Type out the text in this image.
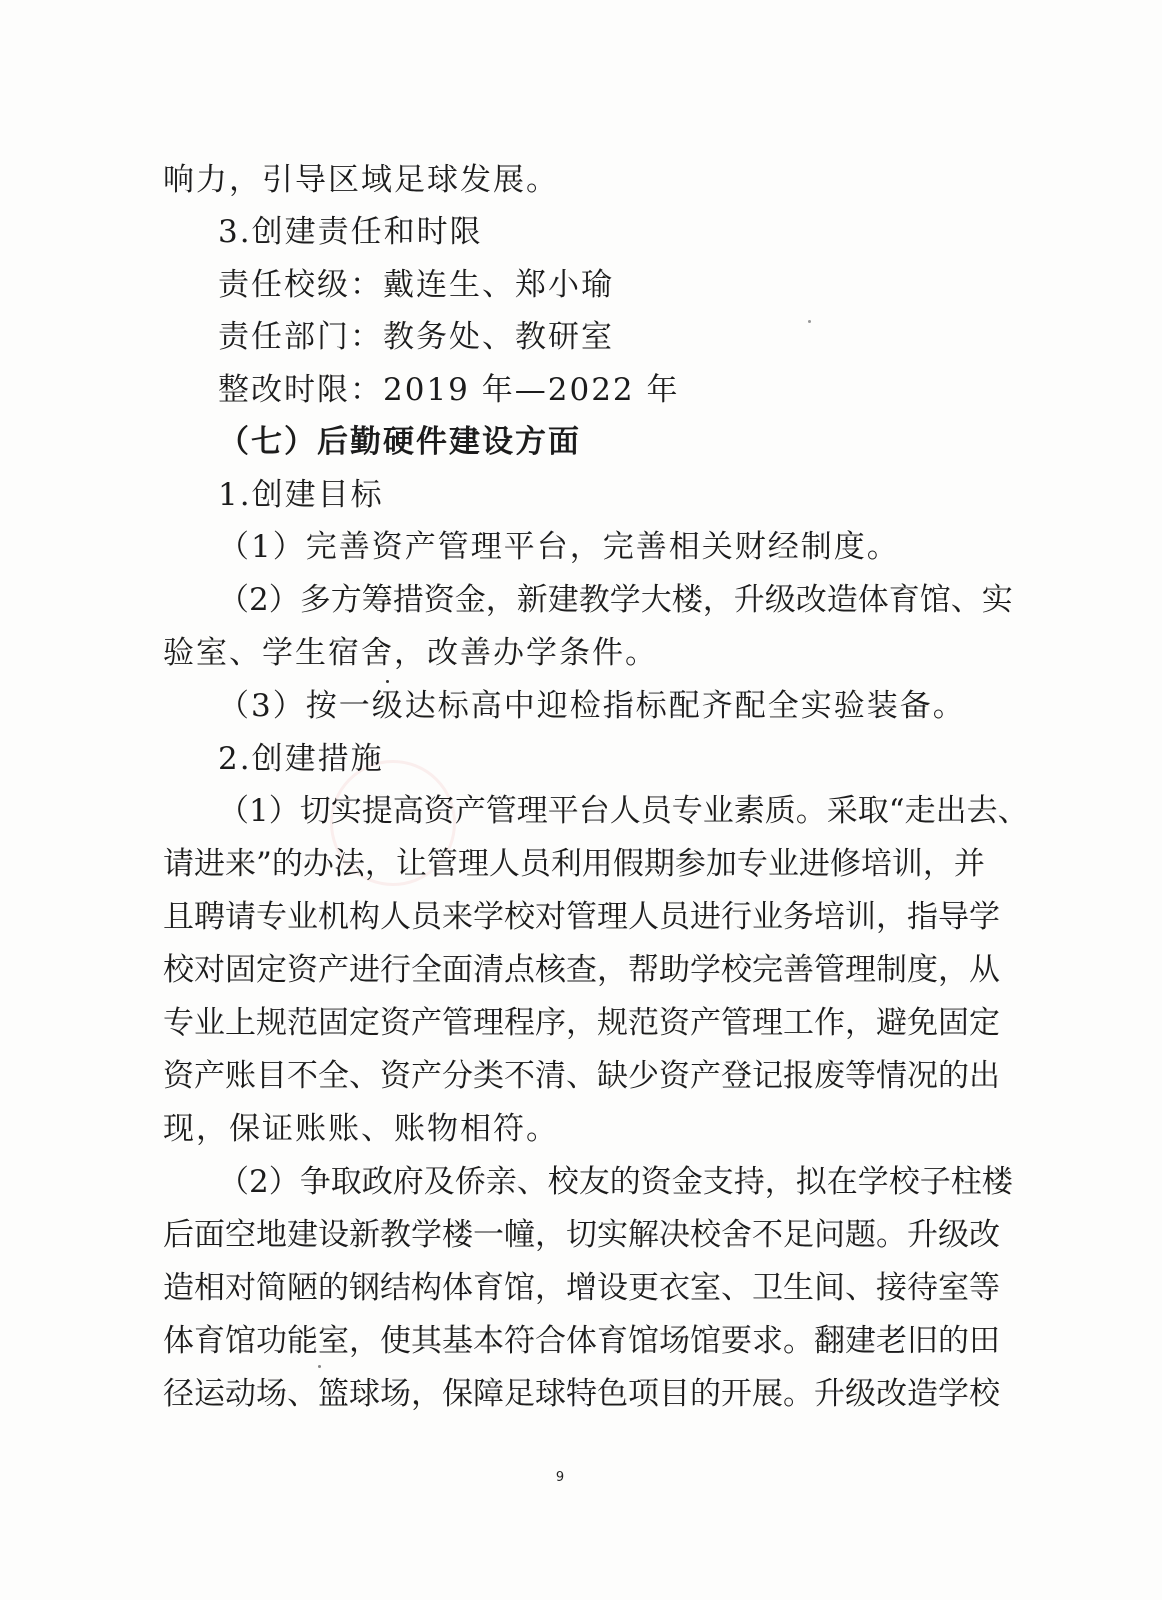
响力，引导区域足球发展。
3.创建责任和时限
责任校级：戴连生、郑小瑜
责任部门：教务处、教研室
整改时限：2019 年—2022 年
（七）后勤硬件建设方面
1.创建目标
（1）完善资产管理平台，完善相关财经制度。
（ 2 ） 多 方 筹 措 资 金 ， 新 建 教 学 大 楼 ， 升 级 改 造 体 育 馆 、 实
验室、学生宿舍，改善办学条件。
（3）按一级达标高中迎检指标配齐配全实验装备。
2.创建措施
（ 1 ） 切 实 提 高 资 产 管 理 平 台 人 员 专 业 素 质 。 采 取 “ 走 出 去 、
请 进 来 ” 的 办 法 ， 让 管 理 人 员 利 用 假 期 参 加 专 业 进 修 培 训 ， 并
且 聘 请 专 业 机 构 人 员 来 学 校 对 管 理 人 员 进 行 业 务 培 训 ， 指 导 学
校 对 固 定 资 产 进 行 全 面 清 点 核 查 ， 帮 助 学 校 完 善 管 理 制 度 ， 从
专 业 上 规 范 固 定 资 产 管 理 程 序 ， 规 范 资 产 管 理 工 作 ， 避 免 固 定
资 产 账 目 不 全 、 资 产 分 类 不 清 、 缺 少 资 产 登 记 报 废 等 情 况 的 出
现，保证账账、账物相符。
（ 2 ） 争 取 政 府 及 侨 亲 、 校 友 的 资 金 支 持 ， 拟 在 学 校 子 柱 楼
后 面 空 地 建 设 新 教 学 楼 一 幢 ， 切 实 解 决 校 舍 不 足 问 题 。 升 级 改
造 相 对 简 陋 的 钢 结 构 体 育 馆 ， 增 设 更 衣 室 、 卫 生 间 、 接 待 室 等
体 育 馆 功 能 室 ， 使 其 基 本 符 合 体 育 馆 场 馆 要 求 。 翻 建 老 旧 的 田
径 运 动 场 、 篮 球 场 ， 保 障 足 球 特 色 项 目 的 开 展 。 升 级 改 造 学 校
9
